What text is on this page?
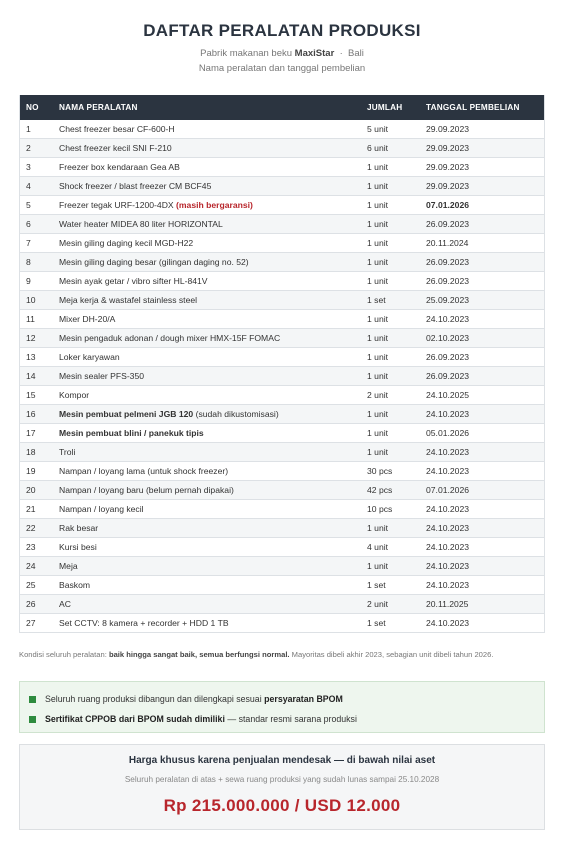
DAFTAR PERALATAN PRODUKSI
Pabrik makanan beku MaxiStar · Bali
Nama peralatan dan tanggal pembelian
NO	NAMA PERALATAN	JUMLAH	TANGGAL PEMBELIAN
1	Chest freezer besar CF-600-H	5 unit	29.09.2023
2	Chest freezer kecil SNI F-210	6 unit	29.09.2023
3	Freezer box kendaraan Gea AB	1 unit	29.09.2023
4	Shock freezer / blast freezer CM BCF45	1 unit	29.09.2023
5	Freezer tegak URF-1200-4DX (masih bergaransi)	1 unit	07.01.2026
6	Water heater MIDEA 80 liter HORIZONTAL	1 unit	26.09.2023
7	Mesin giling daging kecil MGD-H22	1 unit	20.11.2024
8	Mesin giling daging besar (gilingan daging no. 52)	1 unit	26.09.2023
9	Mesin ayak getar / vibro sifter HL-841V	1 unit	26.09.2023
10	Meja kerja & wastafel stainless steel	1 set	25.09.2023
11	Mixer DH-20/A	1 unit	24.10.2023
12	Mesin pengaduk adonan / dough mixer HMX-15F FOMAC	1 unit	02.10.2023
13	Loker karyawan	1 unit	26.09.2023
14	Mesin sealer PFS-350	1 unit	26.09.2023
15	Kompor	2 unit	24.10.2025
16	Mesin pembuat pelmeni JGB 120 (sudah dikustomisasi)	1 unit	24.10.2023
17	Mesin pembuat blini / panekuk tipis	1 unit	05.01.2026
18	Troli	1 unit	24.10.2023
19	Nampan / loyang lama (untuk shock freezer)	30 pcs	24.10.2023
20	Nampan / loyang baru (belum pernah dipakai)	42 pcs	07.01.2026
21	Nampan / loyang kecil	10 pcs	24.10.2023
22	Rak besar	1 unit	24.10.2023
23	Kursi besi	4 unit	24.10.2023
24	Meja	1 unit	24.10.2023
25	Baskom	1 set	24.10.2023
26	AC	2 unit	20.11.2025
27	Set CCTV: 8 kamera + recorder + HDD 1 TB	1 set	24.10.2023
Kondisi seluruh peralatan: baik hingga sangat baik, semua berfungsi normal. Mayoritas dibeli akhir 2023, sebagian unit dibeli tahun 2026.
Seluruh ruang produksi dibangun dan dilengkapi sesuai persyaratan BPOM
Sertifikat CPPOB dari BPOM sudah dimiliki — standar resmi sarana produksi
Harga khusus karena penjualan mendesak — di bawah nilai aset
Seluruh peralatan di atas + sewa ruang produksi yang sudah lunas sampai 25.10.2028
Rp 215.000.000 / USD 12.000
